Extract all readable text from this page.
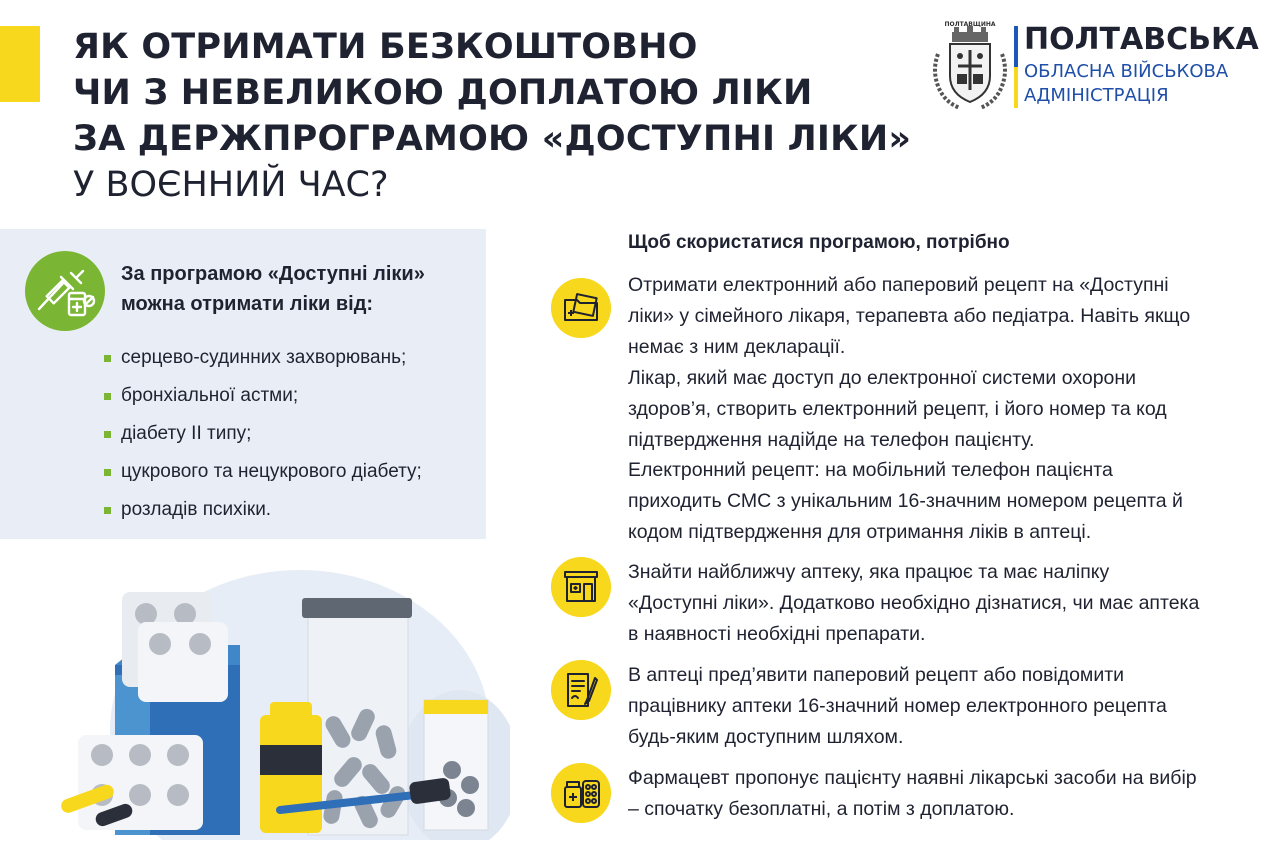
ЯК ОТРИМАТИ БЕЗКОШТОВНО
ЧИ З НЕВЕЛИКОЮ ДОПЛАТОЮ ЛІКИ
ЗА ДЕРЖПРОГРАМОЮ «ДОСТУПНІ ЛІКИ»
У ВОЄННИЙ ЧАС?
ПОЛТАВЩИНА ПОЛТАВСЬКА
ОБЛАСНА ВІЙСЬКОВА
АДМІНІСТРАЦІЯ
За програмою «Доступні ліки»
можна отримати ліки від:
серцево-судинних захворювань;
бронхіальної астми;
діабету ІІ типу;
цукрового та нецукрового діабету;
розладів психіки.
Щоб скористатися програмою, потрібно
Отримати електронний або паперовий рецепт на «Доступні
ліки» у сімейного лікаря, терапевта або педіатра. Навіть якщо
немає з ним декларації.
Лікар, який має доступ до електронної системи охорони
здоров’я, створить електронний рецепт, і його номер та код
підтвердження надійде на телефон пацієнту.
Електронний рецепт: на мобільний телефон пацієнта
приходить СМС з унікальним 16-значним номером рецепта й
кодом підтвердження для отримання ліків в аптеці.
Знайти найближчу аптеку, яка працює та має наліпку
«Доступні ліки». Додатково необхідно дізнатися, чи має аптека
в наявності необхідні препарати.
В аптеці пред’явити паперовий рецепт або повідомити
працівнику аптеки 16-значний номер електронного рецепта
будь-яким доступним шляхом.
Фармацевт пропонує пацієнту наявні лікарські засоби на вибір
– спочатку безоплатні, а потім з доплатою.
